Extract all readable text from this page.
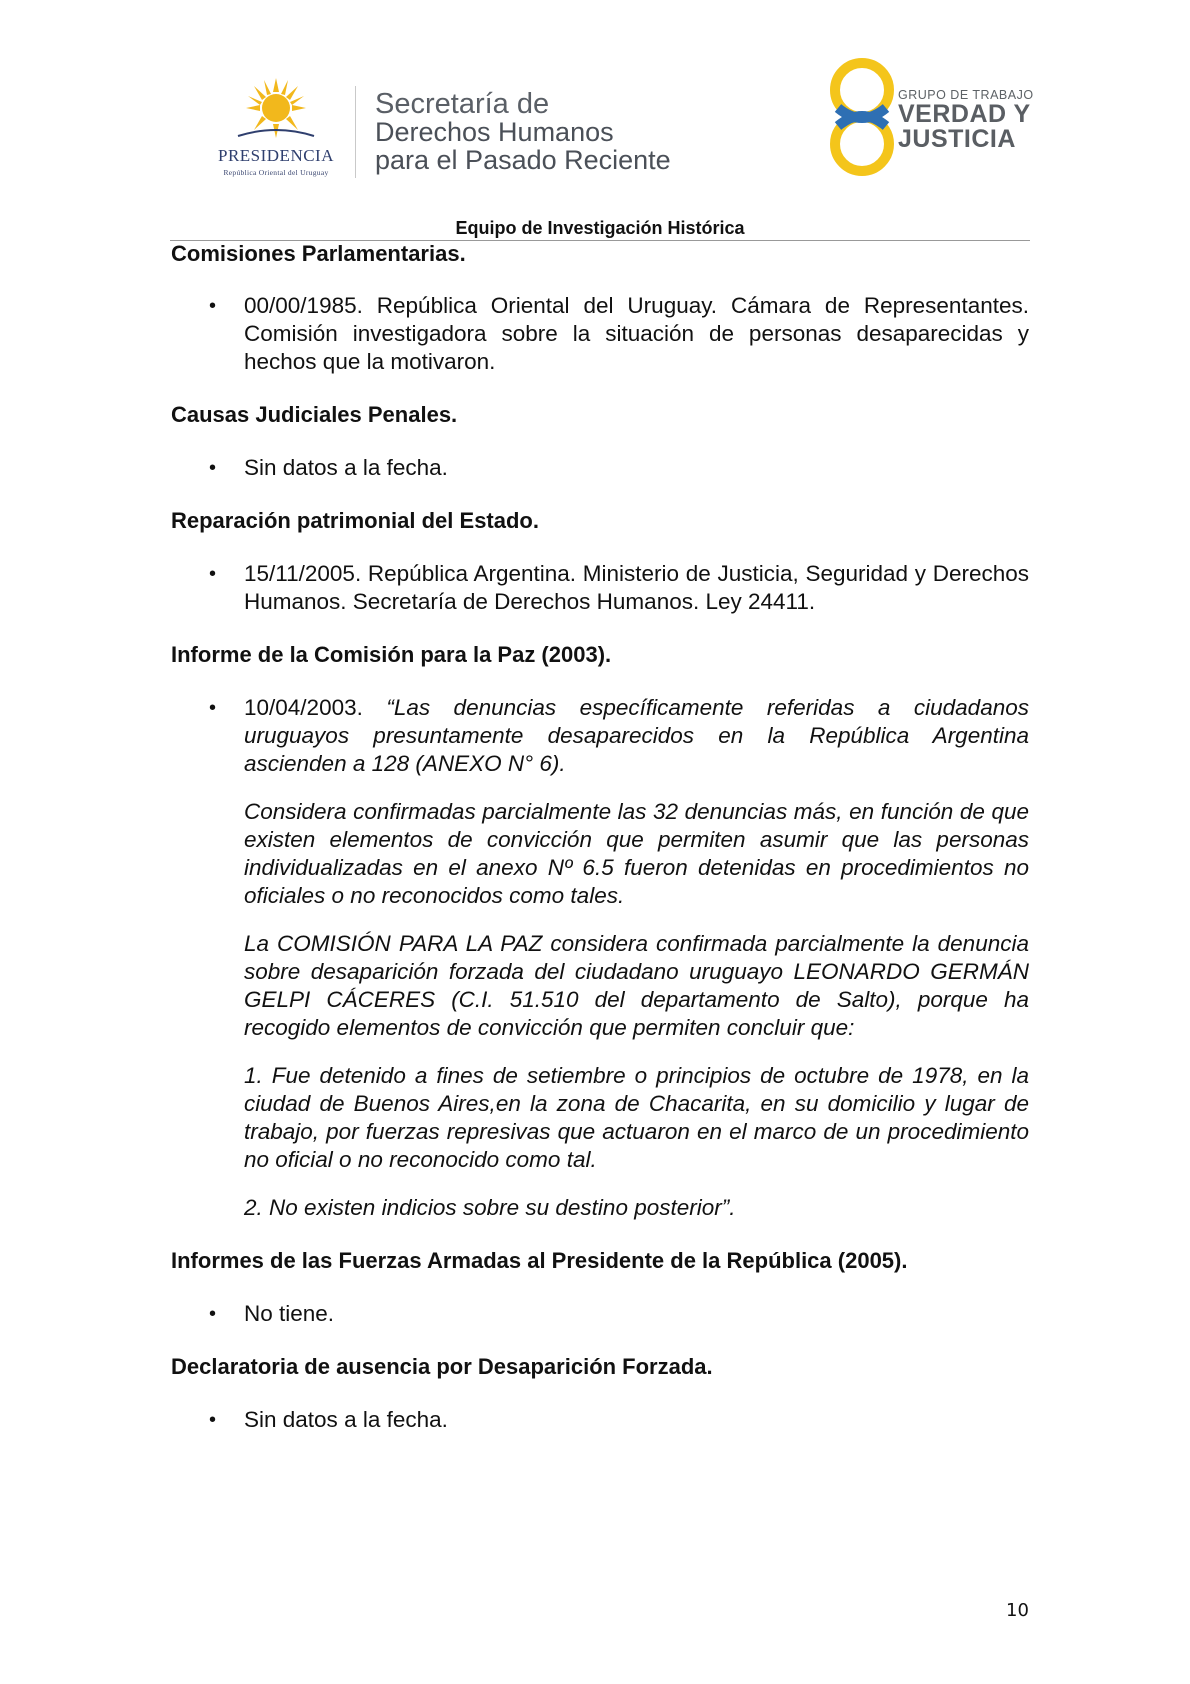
PRESIDENCIA
República Oriental del Uruguay
Secretaría de
Derechos Humanos
para el Pasado Reciente
GRUPO DE TRABAJO
VERDAD Y
JUSTICIA
Equipo de Investigación Histórica
Comisiones Parlamentarias.
• 00/00/1985. República Oriental del Uruguay. Cámara de Representantes. Comisión investigadora sobre la situación de personas desaparecidas y hechos que la motivaron.
Causas Judiciales Penales.
• Sin datos a la fecha.
Reparación patrimonial del Estado.
• 15/11/2005. República Argentina. Ministerio de Justicia, Seguridad y Derechos Humanos. Secretaría de Derechos Humanos. Ley 24411.
Informe de la Comisión para la Paz (2003).
• 10/04/2003. “Las denuncias específicamente referidas a ciudadanos uruguayos presuntamente desaparecidos en la República Argentina ascienden a 128 (ANEXO N° 6).
Considera confirmadas parcialmente las 32 denuncias más, en función de que existen elementos de convicción que permiten asumir que las personas individualizadas en el anexo Nº 6.5 fueron detenidas en procedimientos no oficiales o no reconocidos como tales.
La COMISIÓN PARA LA PAZ considera confirmada parcialmente la denuncia sobre desaparición forzada del ciudadano uruguayo LEONARDO GERMÁN GELPI CÁCERES (C.I. 51.510 del departamento de Salto), porque ha recogido elementos de convicción que permiten concluir que:
1. Fue detenido a fines de setiembre o principios de octubre de 1978, en la ciudad de Buenos Aires,en la zona de Chacarita, en su domicilio y lugar de trabajo, por fuerzas represivas que actuaron en el marco de un procedimiento no oficial o no reconocido como tal.
2. No existen indicios sobre su destino posterior”.
Informes de las Fuerzas Armadas al Presidente de la República (2005).
• No tiene.
Declaratoria de ausencia por Desaparición Forzada.
• Sin datos a la fecha.
10
